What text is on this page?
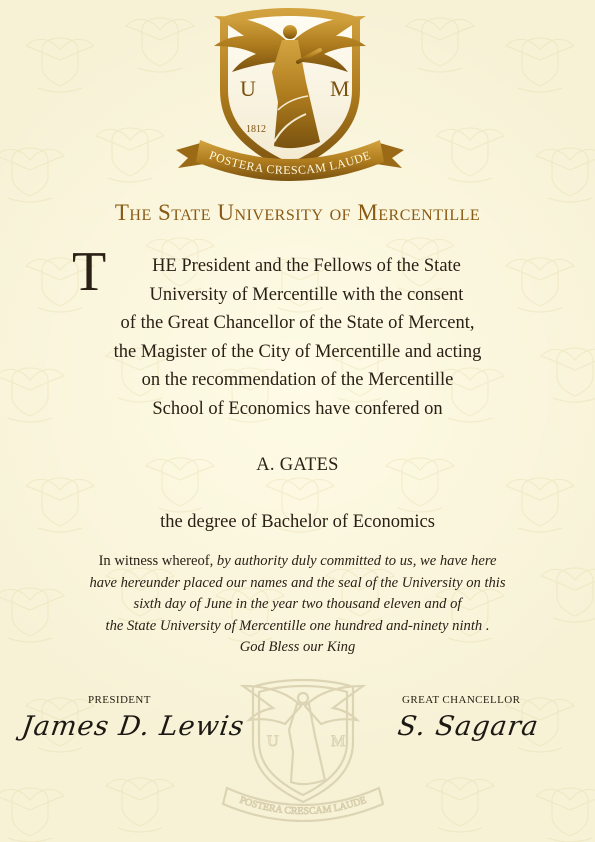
U	M
1812
POSTERA CRESCAM LAUDE
The State University of Mercentille
T	HE President and the Fellows of the State
University of Mercentille with the consent
of the Great Chancellor of the State of Mercent,
the Magister of the City of Mercentille and acting
on the recommendation of the Mercentille
School of Economics have confered on
A. GATES
the degree of Bachelor of Economics
In witness whereof, by authority duly committed to us, we have here
have hereunder placed our names and the seal of the University on this
sixth day of June in the year two thousand eleven and of
the State University of Mercentille one hundred and-ninety ninth .
God Bless our King
U	M
POSTERA CRESCAM LAUDE
PRESIDENT	GREAT CHANCELLOR
James D. Lewis	S. Sagara
